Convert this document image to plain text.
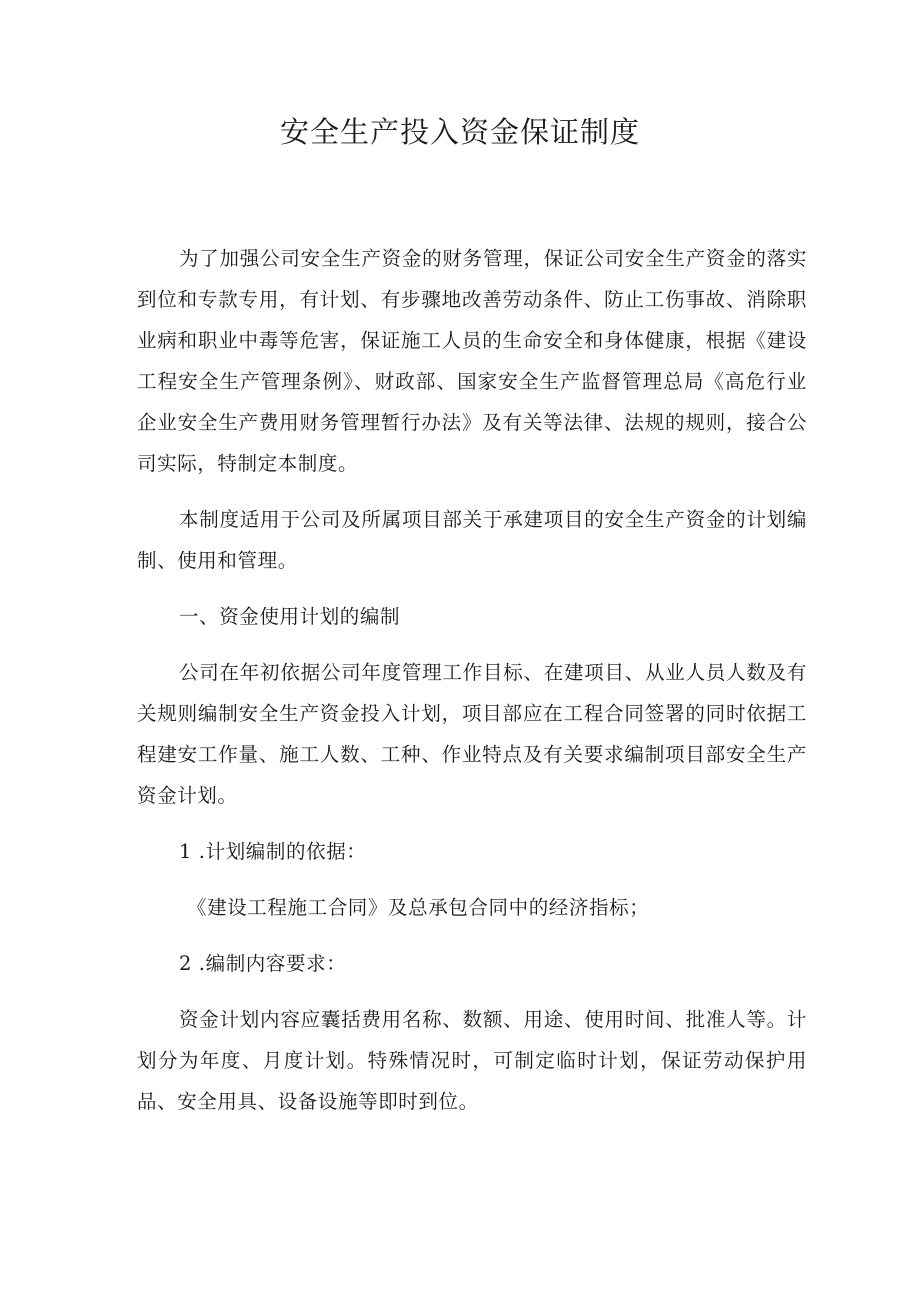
安全生产投入资金保证制度

为了加强公司安全生产资金的财务管理，保证公司安全生产资金的落实到位和专款专用，有计划、有步骤地改善劳动条件、防止工伤事故、消除职业病和职业中毒等危害，保证施工人员的生命安全和身体健康，根据《建设工程安全生产管理条例》、财政部、国家安全生产监督管理总局《高危行业企业安全生产费用财务管理暂行办法》及有关等法律、法规的规则，接合公司实际，特制定本制度。

本制度适用于公司及所属项目部关于承建项目的安全生产资金的计划编制、使用和管理。

一、资金使用计划的编制

公司在年初依据公司年度管理工作目标、在建项目、从业人员人数及有关规则编制安全生产资金投入计划，项目部应在工程合同签署的同时依据工程建安工作量、施工人数、工种、作业特点及有关要求编制项目部安全生产资金计划。

1 .计划编制的依据：

《建设工程施工合同》及总承包合同中的经济指标；

2 .编制内容要求：

资金计划内容应囊括费用名称、数额、用途、使用时间、批准人等。计划分为年度、月度计划。特殊情况时，可制定临时计划，保证劳动保护用品、安全用具、设备设施等即时到位。
